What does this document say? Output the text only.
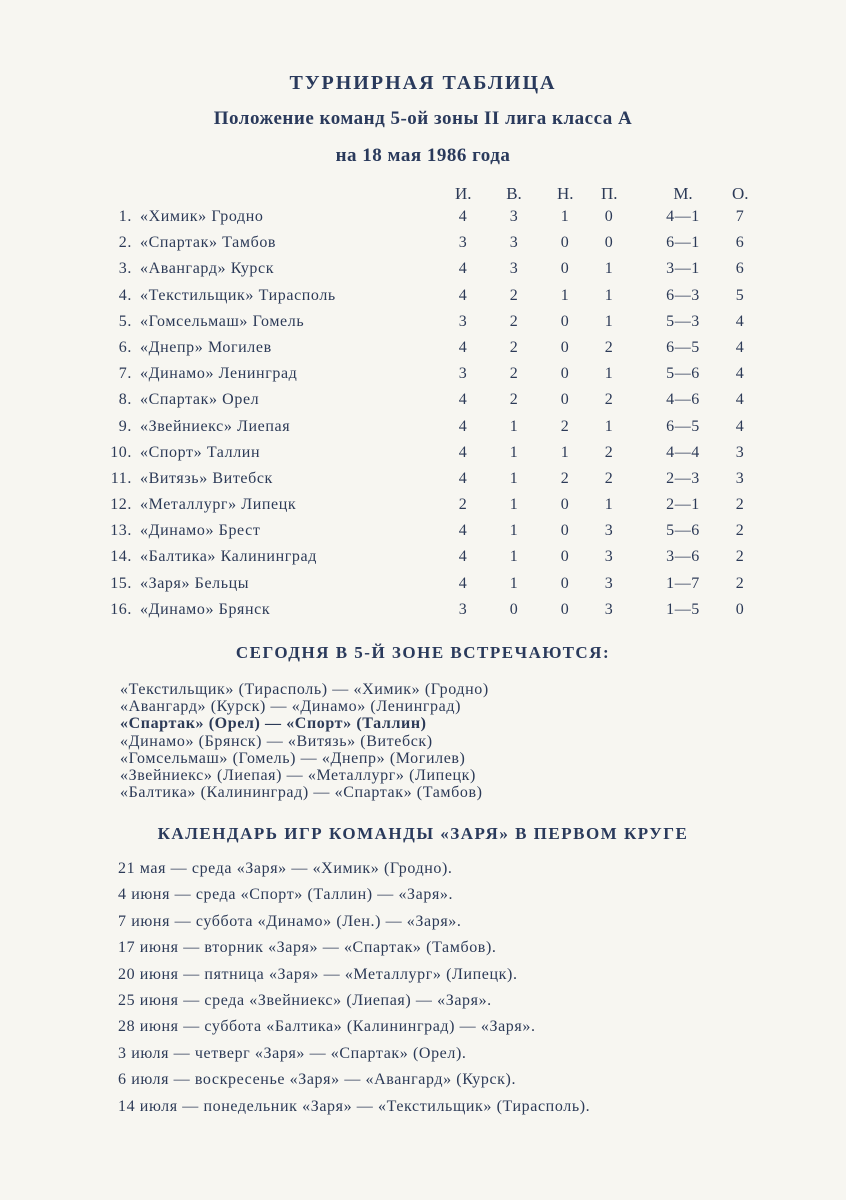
ТУРНИРНАЯ ТАБЛИЦА
Положение команд 5-ой зоны II лига класса А
на 18 мая 1986 года
И. В. Н. П.	М.	О.
1. «Химик» Гродно	4	3	1 0	4—1 7
2. «Спартак» Тамбов	3	3	0 0	6—1 6
3. «Авангард» Курск	4	3	0 1	3—1 6
4. «Текстильщик» Тирасполь	4	2	1 1	6—3 5
5. «Гомсельмаш» Гомель	3	2	0 1	5—3 4
6. «Днепр» Могилев	4	2	0 2	6—5 4
7. «Динамо» Ленинград	3	2	0 1	5—6 4
8. «Спартак» Орел	4	2	0 2	4—6 4
9. «Звейниекс» Лиепая	4	1	2 1	6—5 4
10. «Спорт» Таллин	4	1	1 2	4—4 3
11. «Витязь» Витебск	4	1	2 2	2—3 3
12. «Металлург» Липецк	2	1	0 1	2—1 2
13. «Динамо» Брест	4	1	0 3	5—6 2
14. «Балтика» Калининград	4	1	0 3	3—6 2
15. «Заря» Бельцы	4	1	0 3	1—7 2
16. «Динамо» Брянск	3	0	0 3	1—5 0
СЕГОДНЯ В 5-Й ЗОНЕ ВСТРЕЧАЮТСЯ:
«Текстильщик» (Тирасполь) — «Химик» (Гродно)
«Авангард» (Курск) — «Динамо» (Ленинград)
«Спартак» (Орел) — «Спорт» (Таллин)
«Динамо» (Брянск) — «Витязь» (Витебск)
«Гомсельмаш» (Гомель) — «Днепр» (Могилев)
«Звейниекс» (Лиепая) — «Металлург» (Липецк)
«Балтика» (Калининград) — «Спартак» (Тамбов)
КАЛЕНДАРЬ ИГР КОМАНДЫ «ЗАРЯ» В ПЕРВОМ КРУГЕ
21 мая — среда «Заря» — «Химик» (Гродно).
4 июня — среда «Спорт» (Таллин) — «Заря».
7 июня — суббота «Динамо» (Лен.) — «Заря».
17 июня — вторник «Заря» — «Спартак» (Тамбов).
20 июня — пятница «Заря» — «Металлург» (Липецк).
25 июня — среда «Звейниекс» (Лиепая) — «Заря».
28 июня — суббота «Балтика» (Калининград) — «Заря».
3 июля — четверг «Заря» — «Спартак» (Орел).
6 июля — воскресенье «Заря» — «Авангард» (Курск).
14 июля — понедельник «Заря» — «Текстильщик» (Тирасполь).
